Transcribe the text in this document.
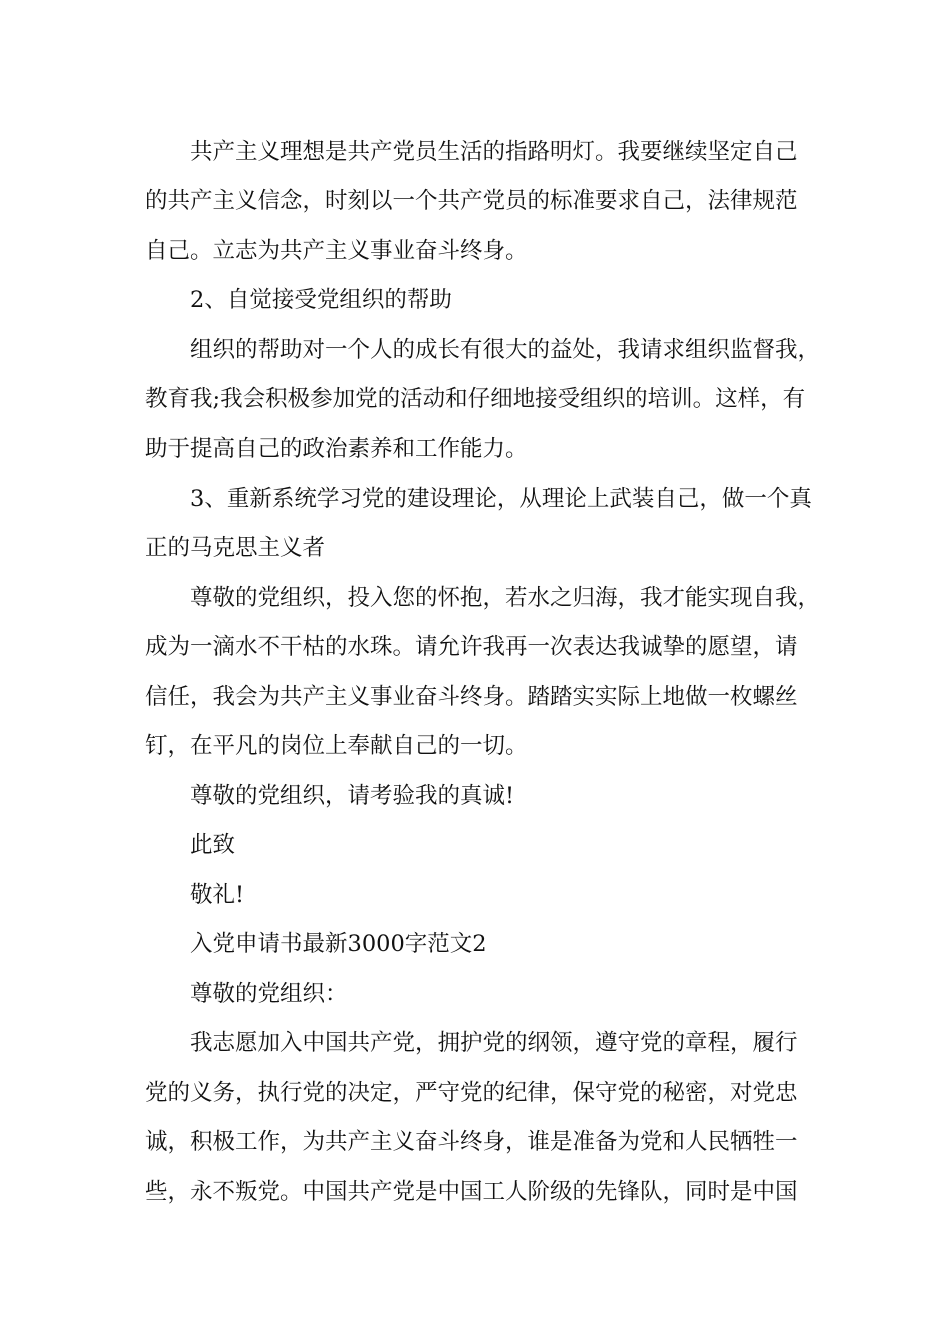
共产主义理想是共产党员生活的指路明灯。我要继续坚定自己
的共产主义信念，时刻以一个共产党员的标准要求自己，法律规范
自己。立志为共产主义事业奋斗终身。
2、自觉接受党组织的帮助
组织的帮助对一个人的成长有很大的益处，我请求组织监督我，
教育我;我会积极参加党的活动和仔细地接受组织的培训。这样，有
助于提高自己的政治素养和工作能力。
3、重新系统学习党的建设理论，从理论上武装自己，做一个真
正的马克思主义者
尊敬的党组织，投入您的怀抱，若水之归海，我才能实现自我，
成为一滴水不干枯的水珠。请允许我再一次表达我诚挚的愿望，请
信任，我会为共产主义事业奋斗终身。踏踏实实际上地做一枚螺丝
钉，在平凡的岗位上奉献自己的一切。
尊敬的党组织，请考验我的真诚!
此致
敬礼!
入党申请书最新3000字范文2
尊敬的党组织：
我志愿加入中国共产党，拥护党的纲领，遵守党的章程，履行
党的义务，执行党的决定，严守党的纪律，保守党的秘密，对党忠
诚，积极工作，为共产主义奋斗终身，谁是准备为党和人民牺牲一
些，永不叛党。中国共产党是中国工人阶级的先锋队，同时是中国
